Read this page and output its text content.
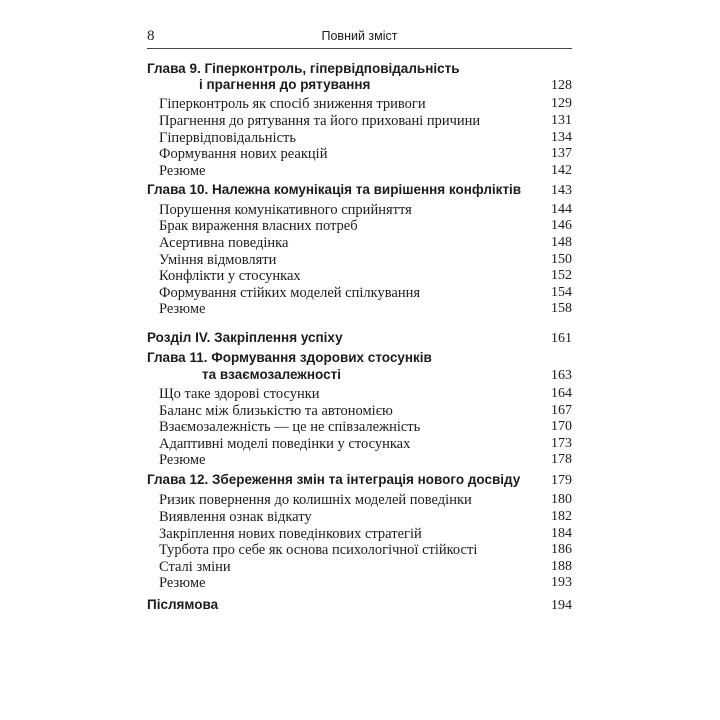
8	Повний зміст
Глава 9. Гіперконтроль, гіпервідповідальність
і прагнення до рятування	128
Гіперконтроль як спосіб зниження тривоги	129
Прагнення до рятування та його приховані причини	131
Гіпервідповідальність	134
Формування нових реакцій	137
Резюме	142
Глава 10. Належна комунікація та вирішення конфліктів 143
Порушення комунікативного сприйняття	144
Брак вираження власних потреб	146
Асертивна поведінка	148
Уміння відмовляти	150
Конфлікти у стосунках	152
Формування стійких моделей спілкування	154
Резюме	158
Розділ IV. Закріплення успіху	161
Глава 11. Формування здорових стосунків
та взаємозалежності	163
Що таке здорові стосунки	164
Баланс між близькістю та автономією	167
Взаємозалежність — це не співзалежність	170
Адаптивні моделі поведінки у стосунках	173
Резюме	178
Глава 12. Збереження змін та інтеграція нового досвіду 179
Ризик повернення до колишніх моделей поведінки	180
Виявлення ознак відкату	182
Закріплення нових поведінкових стратегій	184
Турбота про себе як основа психологічної стійкості	186
Сталі зміни	188
Резюме	193
Післямова	194
